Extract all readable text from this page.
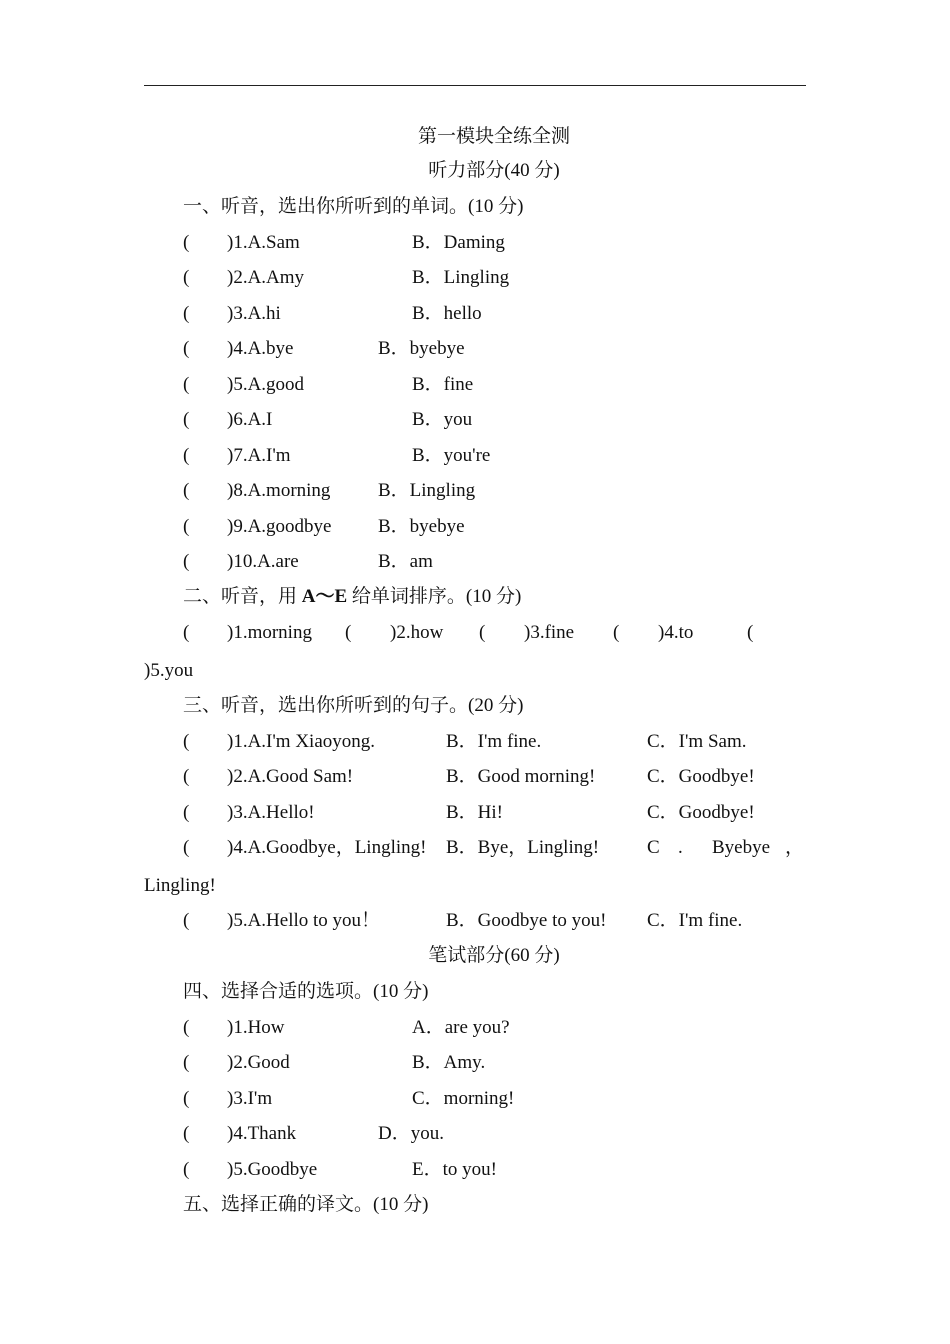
第一模块全练全测
听力部分(40 分)
一、听音，选出你所听到的单词。(10 分)
( )1.A.Sam	B．Daming
( )2.A.Amy	B．Lingling
( )3.A.hi	B．hello
( )4.A.bye	B．byebye
( )5.A.good	B．fine
( )6.A.I	B．you
( )7.A.I'm	B．you're
( )8.A.morning	B．Lingling
( )9.A.goodbye B．byebye
( )10.A.are	B．am
二、听音，用 A～E 给单词排序。(10 分)
( )1.morning ( )2.how ( )3.fine ( )4.to	(
)5.you
三、听音，选出你所听到的句子。(20 分)
( )1.A.I'm Xiaoyong.	B．I'm fine.	C．I'm Sam.
( )2.A.Good Sam!	B．Good morning!	C．Goodbye!
( )3.A.Hello!	B．Hi!	C．Goodbye!
( )4.A.Goodbye，Lingling! B．Bye，Lingling!	C . Byebye ，
Lingling!
( )5.A.Hello to you！	B．Goodbye to you! C．I'm fine.
笔试部分(60 分)
四、选择合适的选项。(10 分)
( )1.How	A．are you?
( )2.Good	B．Amy.
( )3.I'm	C．morning!
( )4.Thank	D．you.
( )5.Goodbye	E．to you!
五、选择正确的译文。(10 分)
